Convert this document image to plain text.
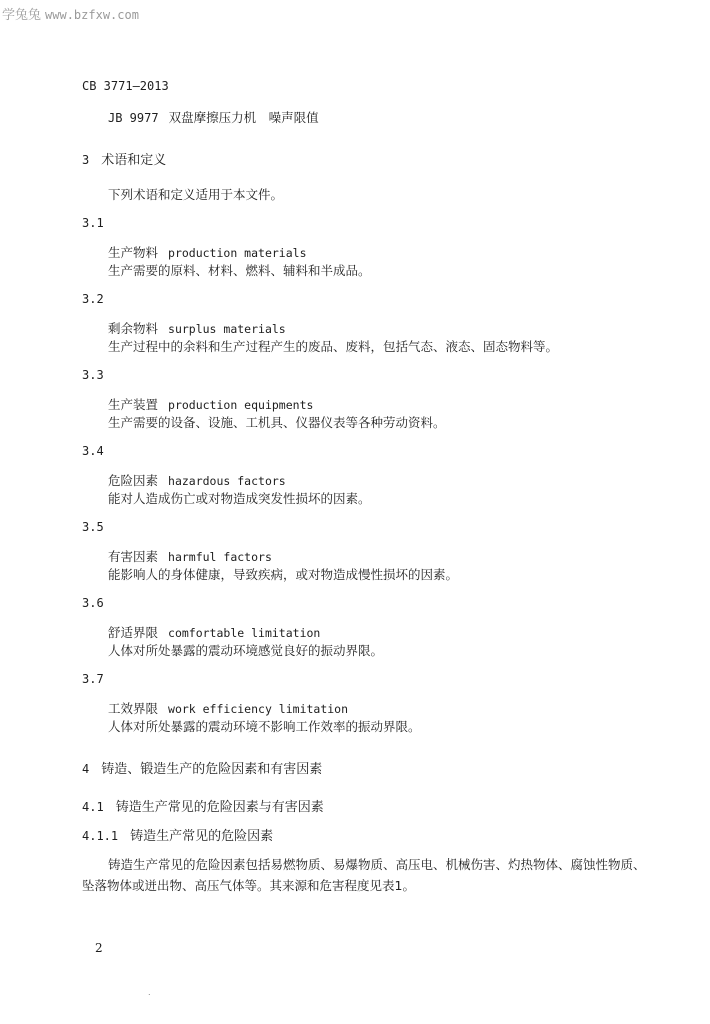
学兔兔 www.bzfxw.com
CB 3771—2013
JB 9977 双盘摩擦压力机　噪声限值
3 术语和定义
下列术语和定义适用于本文件。
3.1
生产物料 production materials
生产需要的原料、材料、燃料、辅料和半成品。
3.2
剩余物料 surplus materials
生产过程中的余料和生产过程产生的废品、废料，包括气态、液态、固态物料等。
3.3
生产装置 production equipments
生产需要的设备、设施、工机具、仪器仪表等各种劳动资料。
3.4
危险因素 hazardous factors
能对人造成伤亡或对物造成突发性损坏的因素。
3.5
有害因素 harmful factors
能影响人的身体健康，导致疾病，或对物造成慢性损坏的因素。
3.6
舒适界限 comfortable limitation
人体对所处暴露的震动环境感觉良好的振动界限。
3.7
工效界限 work efficiency limitation
人体对所处暴露的震动环境不影响工作效率的振动界限。
4 铸造、锻造生产的危险因素和有害因素
4.1 铸造生产常见的危险因素与有害因素
4.1.1 铸造生产常见的危险因素
铸造生产常见的危险因素包括易燃物质、易爆物质、高压电、机械伤害、灼热物体、腐蚀性物质、
坠落物体或迸出物、高压气体等。其来源和危害程度见表1。
2
.
